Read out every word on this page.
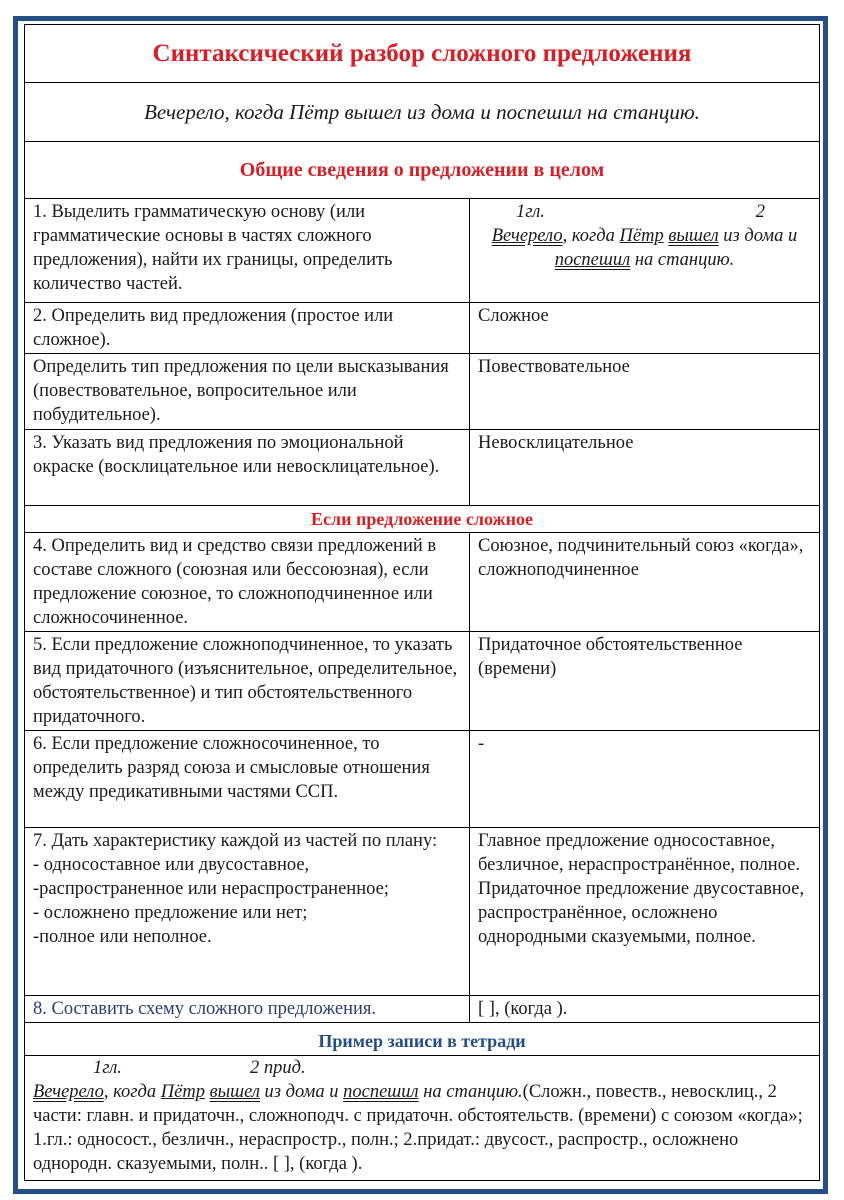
Синтаксический разбор сложного предложения	
Вечерело, когда Пётр вышел из дома и поспешил на станцию.	
Общие сведения о предложении в целом	
1. Выделить грамматическую основу (или грамматические основы в частях сложного предложения), найти их границы, определить количество частей.	1гл. 2
Вечерело, когда Пётр вышел из дома и поспешил на станцию.

2. Определить вид предложения (простое или сложное).	Сложное
Определить тип предложения по цели высказывания (повествовательное, вопросительное или побудительное).	Повествовательное
3. Указать вид предложения по эмоциональной окраске (восклицательное или невосклицательное).	Невосклицательное
Если предложение сложное	
4. Определить вид и средство связи предложений в составе сложного (союзная или бессоюзная), если предложение союзное, то сложноподчиненное или сложносочиненное.	Союзное, подчинительный союз «когда», сложноподчиненное
5. Если предложение сложноподчиненное, то указать вид придаточного (изъяснительное, определительное, обстоятельственное) и тип обстоятельственного придаточного.	Придаточное обстоятельственное (времени)
6. Если предложение сложносочиненное, то определить разряд союза и смысловые отношения между предикативными частями ССП.	-

7. Дать характеристику каждой из частей по плану:
- односоставное или двусоставное,
-распространенное или нераспространенное;
- осложнено предложение или нет;
-полное или неполное.	Главное предложение односоставное, безличное, нераспространённое, полное. Придаточное предложение двусоставное, распространённое, осложнено однородными сказуемыми, полное.
8. Составить схему сложного предложения.	[ ], (когда ).
Пример записи в тетради	

1гл. 2 прид.
Вечерело, когда Пётр вышел из дома и поспешил на станцию.(Сложн., повеств., невосклиц., 2 части: главн. и придаточн., сложноподч. с придаточн. обстоятельств. (времени) с союзом «когда»; 1.гл.: односост., безличн., нераспростр., полн.; 2.придат.: двусост., распростр., осложнено однородн. сказуемыми, полн.. [ ], (когда ).	
